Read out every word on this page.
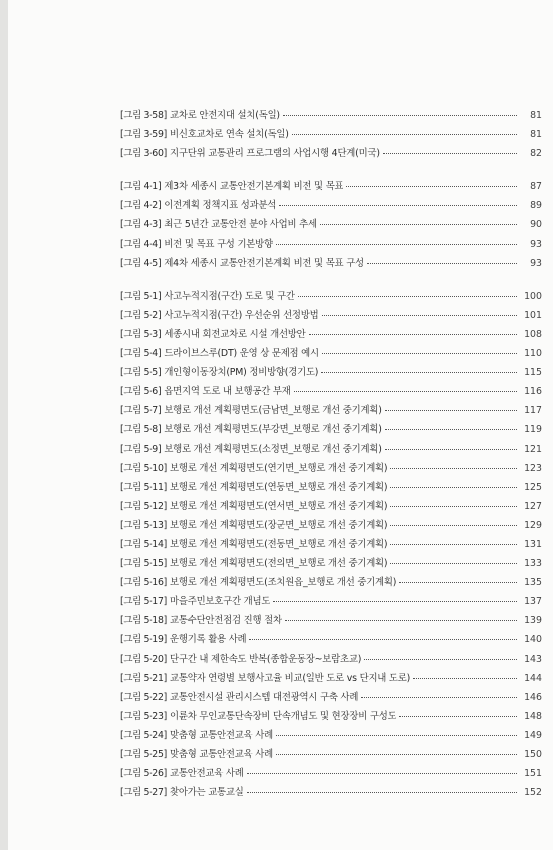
[그림 3-58] 교차로 안전지대 설치(독일)	81
[그림 3-59] 비신호교차로 연속 설치(독일)	81
[그림 3-60] 지구단위 교통관리 프로그램의 사업시행 4단계(미국)	82
[그림 4-1] 제3차 세종시 교통안전기본계획 비전 및 목표	87
[그림 4-2] 이전계획 정책지표 성과분석	89
[그림 4-3] 최근 5년간 교통안전 분야 사업비 추세	90
[그림 4-4] 비전 및 목표 구성 기본방향	93
[그림 4-5] 제4차 세종시 교통안전기본계획 비전 및 목표 구성	93
[그림 5-1] 사고누적지점(구간) 도로 및 구간	100
[그림 5-2] 사고누적지점(구간) 우선순위 선정방법	101
[그림 5-3] 세종시내 회전교차로 시설 개선방안	108
[그림 5-4] 드라이브스루(DT) 운영 상 문제점 예시	110
[그림 5-5] 개인형이동장치(PM) 정비방향(경기도)	115
[그림 5-6] 읍면지역 도로 내 보행공간 부재	116
[그림 5-7] 보행로 개선 계획평면도(금남면_보행로 개선 중기계획)	117
[그림 5-8] 보행로 개선 계획평면도(부강면_보행로 개선 중기계획)	119
[그림 5-9] 보행로 개선 계획평면도(소정면_보행로 개선 중기계획)	121
[그림 5-10] 보행로 개선 계획평면도(연기면_보행로 개선 중기계획)	123
[그림 5-11] 보행로 개선 계획평면도(연동면_보행로 개선 중기계획)	125
[그림 5-12] 보행로 개선 계획평면도(연서면_보행로 개선 중기계획)	127
[그림 5-13] 보행로 개선 계획평면도(장군면_보행로 개선 중기계획)	129
[그림 5-14] 보행로 개선 계획평면도(전동면_보행로 개선 중기계획)	131
[그림 5-15] 보행로 개선 계획평면도(전의면_보행로 개선 중기계획)	133
[그림 5-16] 보행로 개선 계획평면도(조치원읍_보행로 개선 중기계획)	135
[그림 5-17] 마을주민보호구간 개념도	137
[그림 5-18] 교통수단안전점검 진행 절차	139
[그림 5-19] 운행기록 활용 사례	140
[그림 5-20] 단구간 내 제한속도 반복(종합운동장~보람초교)	143
[그림 5-21] 교통약자 연령별 보행사고율 비교(일반 도로 vs 단지내 도로)	144
[그림 5-22] 교통안전시설 관리시스템 대전광역시 구축 사례	146
[그림 5-23] 이륜차 무인교통단속장비 단속개념도 및 현장장비 구성도	148
[그림 5-24] 맞춤형 교통안전교육 사례	149
[그림 5-25] 맞춤형 교통안전교육 사례	150
[그림 5-26] 교통안전교육 사례	151
[그림 5-27] 찾아가는 교통교실	152
